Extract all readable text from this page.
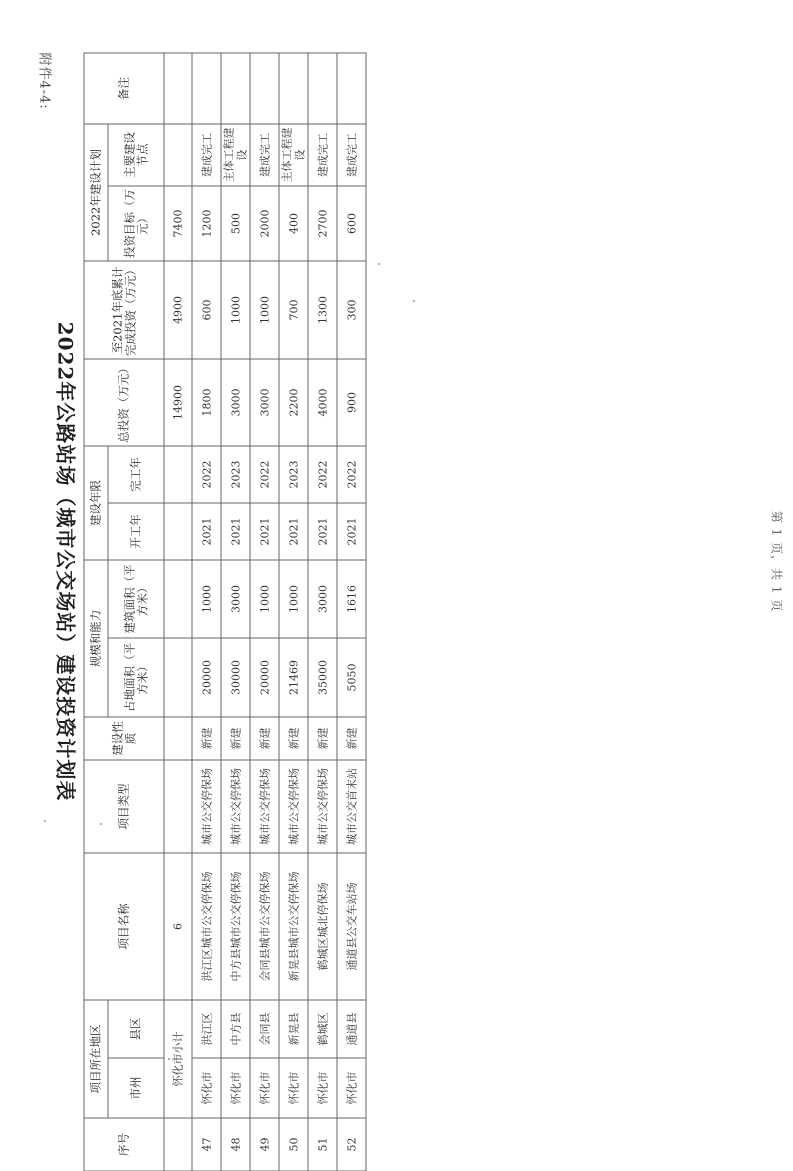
附件4-4:
2022年公路站场（城市公交场站）建设投资计划表	第 1 页，共 1 页
序号	项目所在地区		项目名称	项目类型	建设性质	规模和能力		建设年限		总投资（万元）	至2021年底累计完成投资（万元）	2022年建设计划		备注
	市州	县区				占地面积（平方米）	建筑面积（平方米）	开工年	完工年			投资目标（万元）	主要建设节点	
	怀化市小计		6							14900	4900	7400		
47	怀化市	洪江区	洪江区城市公交停保场	城市公交停保场	新建	20000	1000	2021	2022	1800	600	1200	建成完工	
48	怀化市	中方县	中方县城市公交停保场	城市公交停保场	新建	30000	3000	2021	2023	3000	1000	500	主体工程建设	
49	怀化市	会同县	会同县城市公交停保场	城市公交停保场	新建	20000	1000	2021	2022	3000	1000	2000	建成完工	
50	怀化市	新晃县	新晃县城市公交停保场	城市公交停保场	新建	21469	1000	2021	2023	2200	700	400	主体工程建设	
51	怀化市	鹤城区	鹤城区城北停保场	城市公交停保场	新建	35000	3000	2021	2022	4000	1300	2700	建成完工	
52	怀化市	通道县	通道县公交车站场	城市公交首末站	新建	5050	1616	2021	2022	900	300	600	建成完工	
